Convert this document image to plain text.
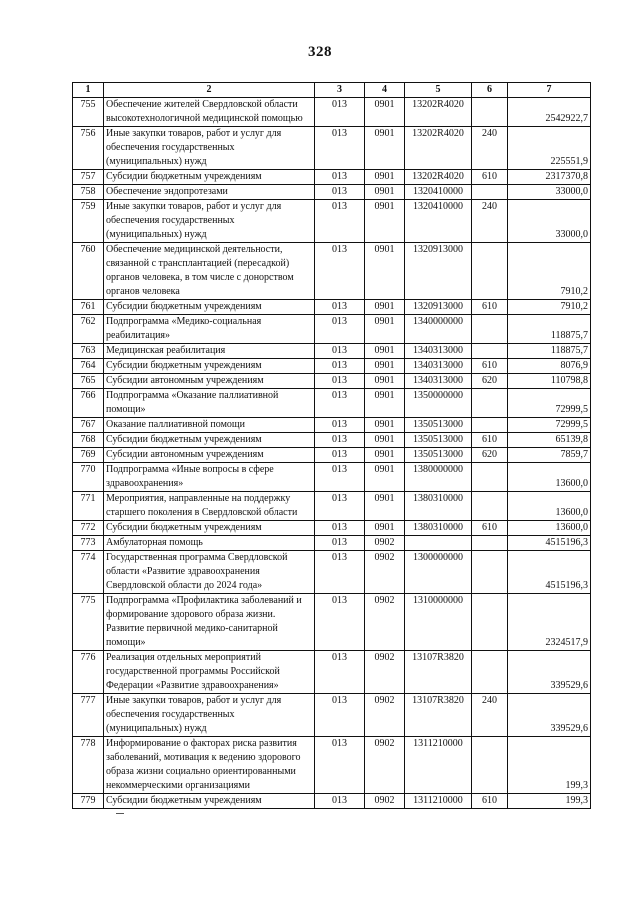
328
1	2	3	4	5	6	7
755	Обеспечение жителей Свердловской области высокотехнологичной медицинской помощью	013	0901	13202R4020		2542922,7
756	Иные закупки товаров, работ и услуг для обеспечения государственных (муниципальных) нужд	013	0901	13202R4020	240	225551,9
757	Субсидии бюджетным учреждениям	013	0901	13202R4020	610	2317370,8
758	Обеспечение эндопротезами	013	0901	1320410000		33000,0
759	Иные закупки товаров, работ и услуг для обеспечения государственных (муниципальных) нужд	013	0901	1320410000	240	33000,0
760	Обеспечение медицинской деятельности, связанной с трансплантацией (пересадкой) органов человека, в том числе с донорством органов человека	013	0901	1320913000		7910,2
761	Субсидии бюджетным учреждениям	013	0901	1320913000	610	7910,2
762	Подпрограмма «Медико-социальная реабилитация»	013	0901	1340000000		118875,7
763	Медицинская реабилитация	013	0901	1340313000		118875,7
764	Субсидии бюджетным учреждениям	013	0901	1340313000	610	8076,9
765	Субсидии автономным учреждениям	013	0901	1340313000	620	110798,8
766	Подпрограмма «Оказание паллиативной помощи»	013	0901	1350000000		72999,5
767	Оказание паллиативной помощи	013	0901	1350513000		72999,5
768	Субсидии бюджетным учреждениям	013	0901	1350513000	610	65139,8
769	Субсидии автономным учреждениям	013	0901	1350513000	620	7859,7
770	Подпрограмма «Иные вопросы в сфере здравоохранения»	013	0901	1380000000		13600,0
771	Мероприятия, направленные на поддержку старшего поколения в Свердловской области	013	0901	1380310000		13600,0
772	Субсидии бюджетным учреждениям	013	0901	1380310000	610	13600,0
773	Амбулаторная помощь	013	0902			4515196,3
774	Государственная программа Свердловской области «Развитие здравоохранения Свердловской области до 2024 года»	013	0902	1300000000		4515196,3
775	Подпрограмма «Профилактика заболеваний и формирование здорового образа жизни. Развитие первичной медико-санитарной помощи»	013	0902	1310000000		2324517,9
776	Реализация отдельных мероприятий государственной программы Российской Федерации «Развитие здравоохранения»	013	0902	13107R3820		339529,6
777	Иные закупки товаров, работ и услуг для обеспечения государственных (муниципальных) нужд	013	0902	13107R3820	240	339529,6
778	Информирование о факторах риска развития заболеваний, мотивация к ведению здорового образа жизни социально ориентированными некоммерческими организациями	013	0902	1311210000		199,3
779	Субсидии бюджетным учреждениям	013	0902	1311210000	610	199,3
